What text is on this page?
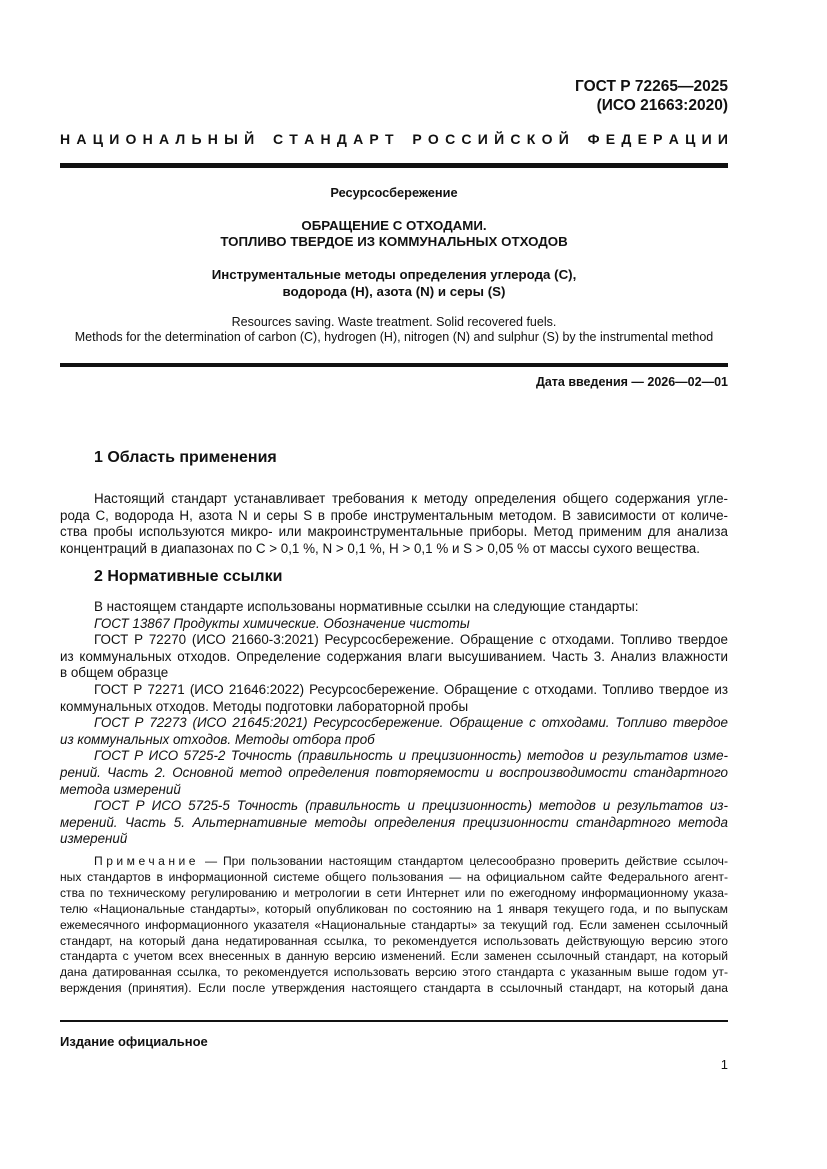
ГОСТ Р 72265—2025
(ИСО 21663:2020)
Н А Ц И О Н А Л Ь Н Ы Й   С Т А Н Д А Р Т   Р О С С И Й С К О Й   Ф Е Д Е Р А Ц И И
Ресурсосбережение
ОБРАЩЕНИЕ С ОТХОДАМИ.
ТОПЛИВО ТВЕРДОЕ ИЗ КОММУНАЛЬНЫХ ОТХОДОВ
Инструментальные методы определения углерода (С),
водорода (Н), азота (N) и серы (S)
Resources saving. Waste treatment. Solid recovered fuels.
Methods for the determination of carbon (C), hydrogen (H), nitrogen (N) and sulphur (S) by the instrumental method
Дата введения — 2026—02—01
1 Область применения
Настоящий стандарт устанавливает требования к методу определения общего содержания угле-
рода С, водорода Н, азота N и серы S в пробе инструментальным методом. В зависимости от количе-
ства пробы используются микро- или макроинструментальные приборы. Метод применим для анализа
концентраций в диапазонах по С > 0,1 %, N > 0,1 %, Н > 0,1 % и S > 0,05 % от массы сухого вещества.
2 Нормативные ссылки
В настоящем стандарте использованы нормативные ссылки на следующие стандарты:
ГОСТ 13867 Продукты химические. Обозначение чистоты
ГОСТ Р 72270 (ИСО 21660-3:2021) Ресурсосбережение. Обращение с отходами. Топливо твердое
из коммунальных отходов. Определение содержания влаги высушиванием. Часть 3. Анализ влажности
в общем образце
ГОСТ Р 72271 (ИСО 21646:2022) Ресурсосбережение. Обращение с отходами. Топливо твердое из
коммунальных отходов. Методы подготовки лабораторной пробы
ГОСТ Р 72273 (ИСО 21645:2021) Ресурсосбережение. Обращение с отходами. Топливо твердое
из коммунальных отходов. Методы отбора проб
ГОСТ Р ИСО 5725-2 Точность (правильность и прецизионность) методов и результатов изме-
рений. Часть 2. Основной метод определения повторяемости и воспроизводимости стандартного
метода измерений
ГОСТ Р ИСО 5725-5 Точность (правильность и прецизионность) методов и результатов из-
мерений. Часть 5. Альтернативные методы определения прецизионности стандартного метода
измерений
Примечание — При пользовании настоящим стандартом целесообразно проверить действие ссылоч-
ных стандартов в информационной системе общего пользования — на официальном сайте Федерального агент-
ства по техническому регулированию и метрологии в сети Интернет или по ежегодному информационному указа-
телю «Национальные стандарты», который опубликован по состоянию на 1 января текущего года, и по выпускам
ежемесячного информационного указателя «Национальные стандарты» за текущий год. Если заменен ссылочный
стандарт, на который дана недатированная ссылка, то рекомендуется использовать действующую версию этого
стандарта с учетом всех внесенных в данную версию изменений. Если заменен ссылочный стандарт, на который
дана датированная ссылка, то рекомендуется использовать версию этого стандарта с указанным выше годом ут-
верждения (принятия). Если после утверждения настоящего стандарта в ссылочный стандарт, на который дана
Издание официальное
1
